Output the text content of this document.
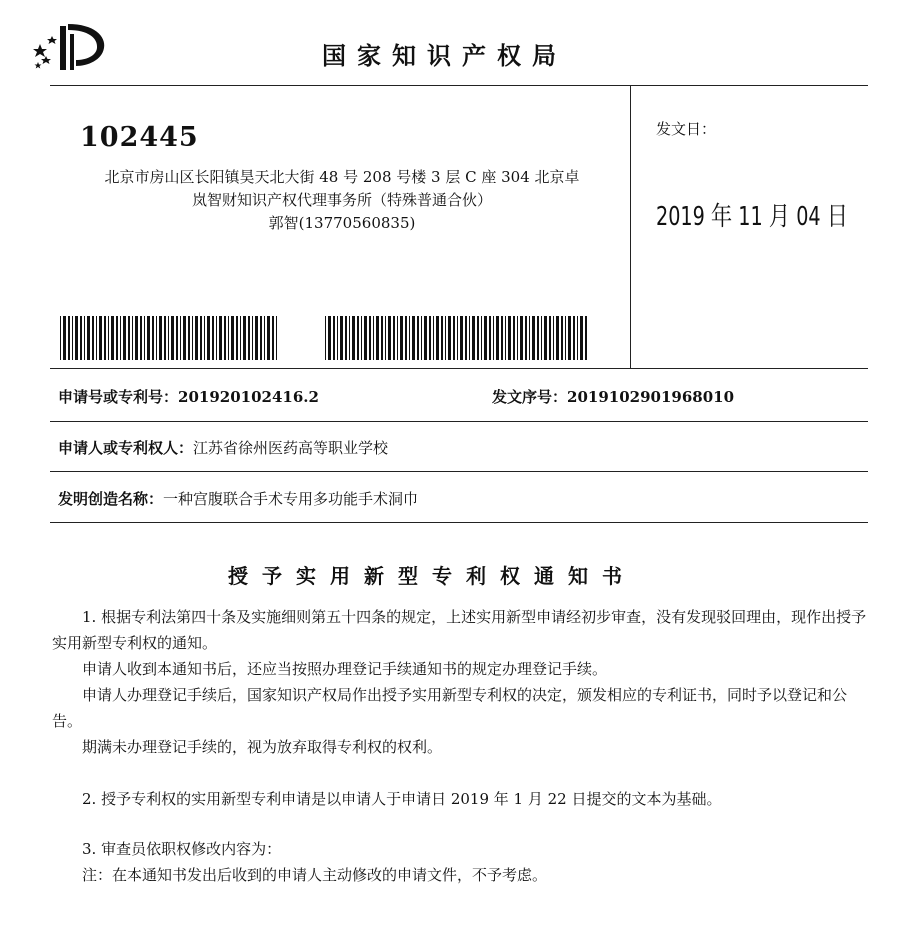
国家知识产权局
102445
北京市房山区长阳镇昊天北大街 48 号 208 号楼 3 层 C 座 304 北京卓
岚智财知识产权代理事务所（特殊普通合伙）
郭智(13770560835)
发文日：
2019 年 11 月 04 日
申请号或专利号：201920102416.2	发文序号：2019102901968010
申请人或专利权人：江苏省徐州医药高等职业学校
发明创造名称：一种宫腹联合手术专用多功能手术洞巾
授予实用新型专利权通知书

1. 根据专利法第四十条及实施细则第五十四条的规定，上述实用新型申请经初步审查，没有发现驳回理由，现作出授予实用新型专利权的通知。

申请人收到本通知书后，还应当按照办理登记手续通知书的规定办理登记手续。

申请人办理登记手续后，国家知识产权局作出授予实用新型专利权的决定，颁发相应的专利证书，同时予以登记和公告。

期满未办理登记手续的，视为放弃取得专利权的权利。

2. 授予专利权的实用新型专利申请是以申请人于申请日 2019 年 1 月 22 日提交的文本为基础。

3. 审查员依职权修改内容为：

注：在本通知书发出后收到的申请人主动修改的申请文件，不予考虑。
